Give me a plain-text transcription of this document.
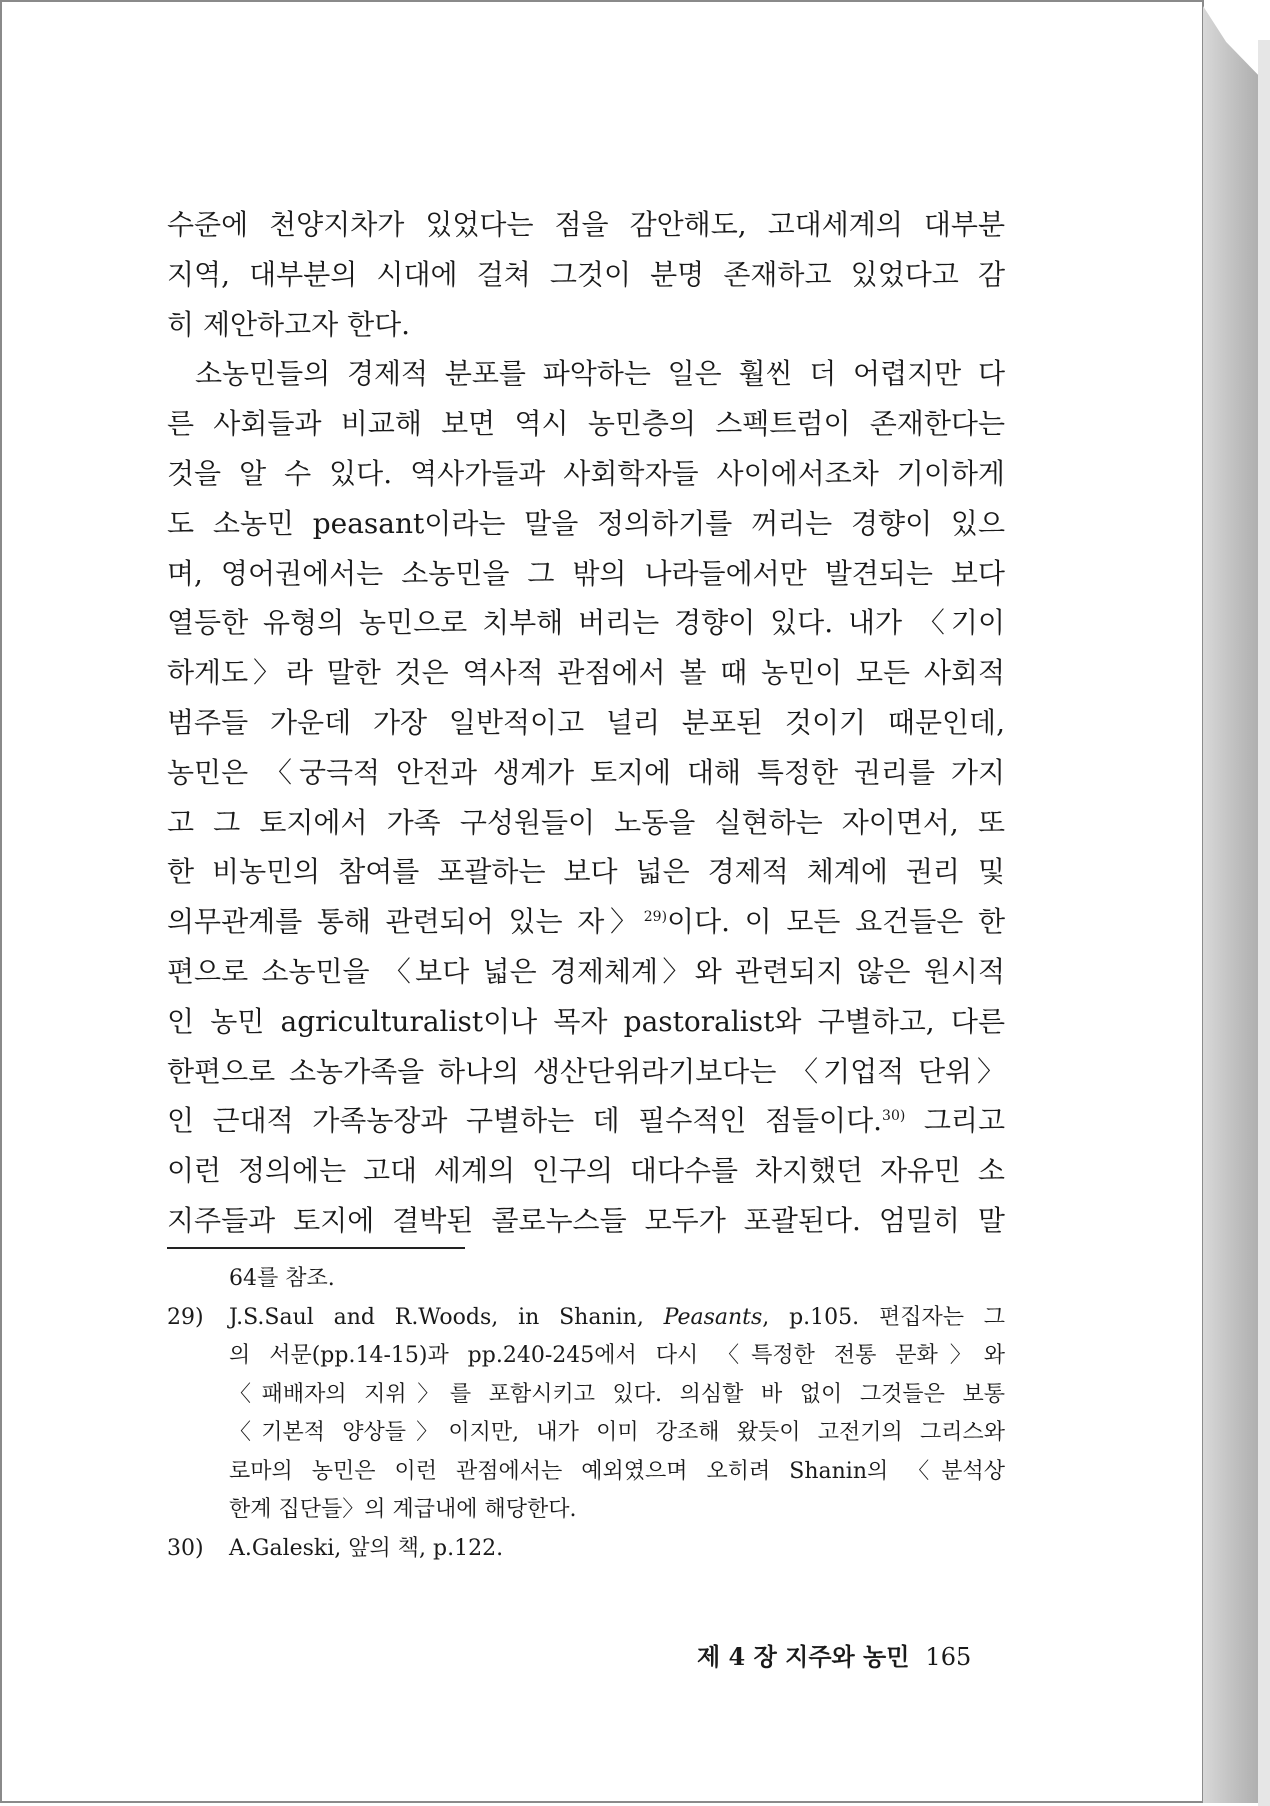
수준에 천양지차가 있었다는 점을 감안해도, 고대세계의 대부분
지역, 대부분의 시대에 걸쳐 그것이 분명 존재하고 있었다고 감
히 제안하고자 한다.
소농민들의 경제적 분포를 파악하는 일은 훨씬 더 어렵지만 다
른 사회들과 비교해 보면 역시 농민층의 스펙트럼이 존재한다는
것을 알 수 있다. 역사가들과 사회학자들 사이에서조차 기이하게
도 소농민 peasant이라는 말을 정의하기를 꺼리는 경향이 있으
며, 영어권에서는 소농민을 그 밖의 나라들에서만 발견되는 보다
열등한 유형의 농민으로 치부해 버리는 경향이 있다. 내가 〈기이
하게도〉라 말한 것은 역사적 관점에서 볼 때 농민이 모든 사회적
범주들 가운데 가장 일반적이고 널리 분포된 것이기 때문인데,
농민은 〈궁극적 안전과 생계가 토지에 대해 특정한 권리를 가지
고 그 토지에서 가족 구성원들이 노동을 실현하는 자이면서, 또
한 비농민의 참여를 포괄하는 보다 넓은 경제적 체계에 권리 및
의무관계를 통해 관련되어 있는 자〉$^{29)}$이다. 이 모든 요건들은 한
편으로 소농민을 〈보다 넓은 경제체계〉와 관련되지 않은 원시적
인 농민 agriculturalist이나 목자 pastoralist와 구별하고, 다른
한편으로 소농가족을 하나의 생산단위라기보다는 〈기업적 단위〉
인 근대적 가족농장과 구별하는 데 필수적인 점들이다.$^{30)}$ 그리고
이런 정의에는 고대 세계의 인구의 대다수를 차지했던 자유민 소
지주들과 토지에 결박된 콜로누스들 모두가 포괄된다. 엄밀히 말
64를 참조.
29) J.S.Saul and R.Woods, in Shanin, Peasants, p.105. 편집자는 그
의 서문(pp.14-15)과 pp.240-245에서 다시 〈특정한 전통 문화〉와
〈패배자의 지위〉를 포함시키고 있다. 의심할 바 없이 그것들은 보통
〈기본적 양상들〉이지만, 내가 이미 강조해 왔듯이 고전기의 그리스와
로마의 농민은 이런 관점에서는 예외였으며 오히려 Shanin의 〈분석상
한계 집단들〉의 계급내에 해당한다.
30) A.Galeski, 앞의 책, p.122.
제 4 장 지주와 농민 165
